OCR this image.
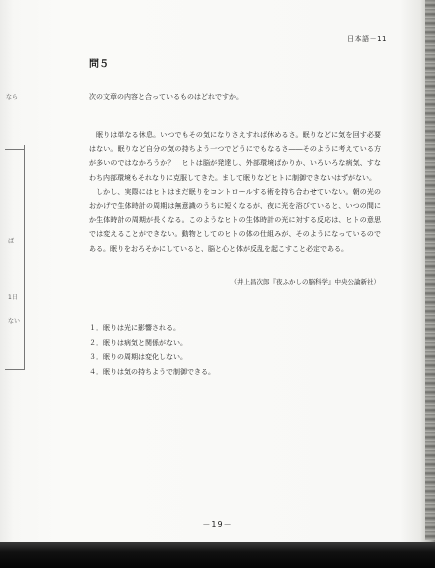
日本語－11
問５
なら
ば
1日
ない
次の文章の内容と合っているものはどれですか。

眠りは単なる休息。いつでもその気になりさえすれば休めるさ。眠りなどに気を回す必要はない。眠りなど自分の気の持ちよう一つでどうにでもなるさ――そのように考えている方が多いのではなかろうか？　ヒトは脳が発達し、外部環境ばかりか、いろいろな病気、すなわち内部環境もそれなりに克服してきた。まして眠りなどヒトに制御できないはずがない。

しかし、実際にはヒトはまだ眠りをコントロールする術を持ち合わせていない。朝の光のおかげで生体時計の周期は無意識のうちに短くなるが、夜に光を浴びていると、いつの間にか生体時計の周期が長くなる。このようなヒトの生体時計の光に対する反応は、ヒトの意思では変えることができない。動物としてのヒトの体の仕組みが、そのようになっているのである。眠りをおろそかにしていると、脳と心と体が反乱を起こすこと必定である。

（井上昌次郎『夜ふかしの脳科学』中央公論新社）
１．眠りは光に影響される。
２．眠りは病気と関係がない。
３．眠りの周期は変化しない。
４．眠りは気の持ちようで制御できる。
－19－
